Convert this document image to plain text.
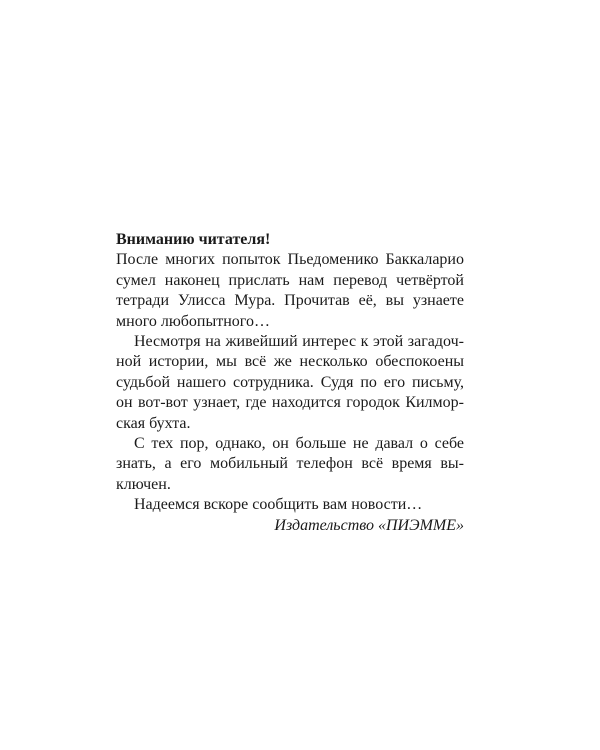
Вниманию читателя!

После многих попыток Пьедоменико Баккаларио
сумел наконец прислать нам перевод четвёртой
тетради Улисса Мура. Прочитав её, вы узнаете
много любопытного…

Несмотря на живейший интерес к этой загадоч-
ной истории, мы всё же несколько обеспокоены
судьбой нашего сотрудника. Судя по его письму,
он вот-вот узнает, где находится городок Килмор-
ская бухта.

С тех пор, однако, он больше не давал о себе
знать, а его мобильный телефон всё время вы-
ключен.

Надеемся вскоре сообщить вам новости…

Издательство «ПИЭММЕ»
